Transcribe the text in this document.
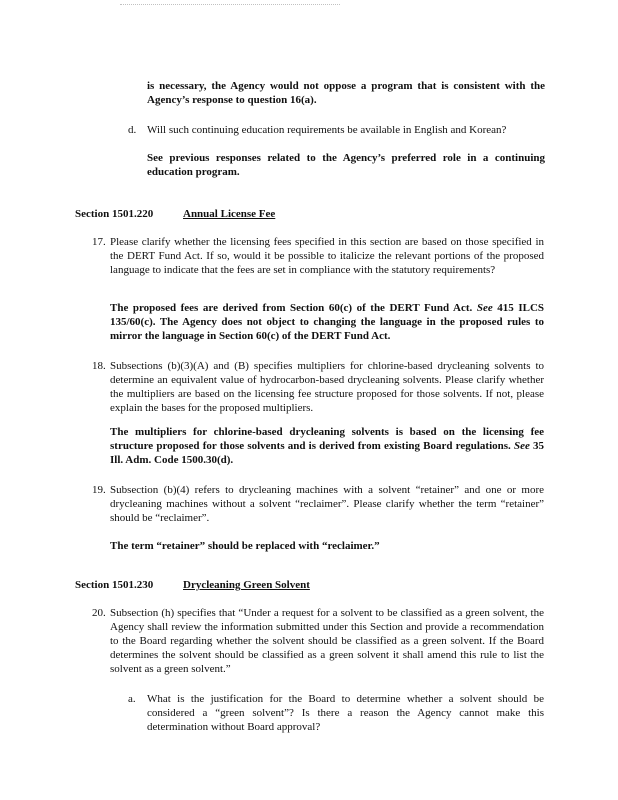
is necessary, the Agency would not oppose a program that is consistent with the Agency’s response to question 16(a).

d. Will such continuing education requirements be available in English and Korean?

See previous responses related to the Agency’s preferred role in a continuing education program.

Section 1501.220	Annual License Fee
17. Please clarify whether the licensing fees specified in this section are based on those specified in the DERT Fund Act. If so, would it be possible to italicize the relevant portions of the proposed language to indicate that the fees are set in compliance with the statutory requirements?

The proposed fees are derived from Section 60(c) of the DERT Fund Act. See 415 ILCS 135/60(c). The Agency does not object to changing the language in the proposed rules to mirror the language in Section 60(c) of the DERT Fund Act.

18. Subsections (b)(3)(A) and (B) specifies multipliers for chlorine-based drycleaning solvents to determine an equivalent value of hydrocarbon-based drycleaning solvents. Please clarify whether the multipliers are based on the licensing fee structure proposed for those solvents. If not, please explain the bases for the proposed multipliers.

The multipliers for chlorine-based drycleaning solvents is based on the licensing fee structure proposed for those solvents and is derived from existing Board regulations. See 35 Ill. Adm. Code 1500.30(d).

19. Subsection (b)(4) refers to drycleaning machines with a solvent “retainer” and one or more drycleaning machines without a solvent “reclaimer”. Please clarify whether the term “retainer” should be “reclaimer”.

The term “retainer” should be replaced with “reclaimer.”

Section 1501.230	Drycleaning Green Solvent
20. Subsection (h) specifies that “Under a request for a solvent to be classified as a green solvent, the Agency shall review the information submitted under this Section and provide a recommendation to the Board regarding whether the solvent should be classified as a green solvent. If the Board determines the solvent should be classified as a green solvent it shall amend this rule to list the solvent as a green solvent.”

a. What is the justification for the Board to determine whether a solvent should be considered a “green solvent”? Is there a reason the Agency cannot make this determination without Board approval?
